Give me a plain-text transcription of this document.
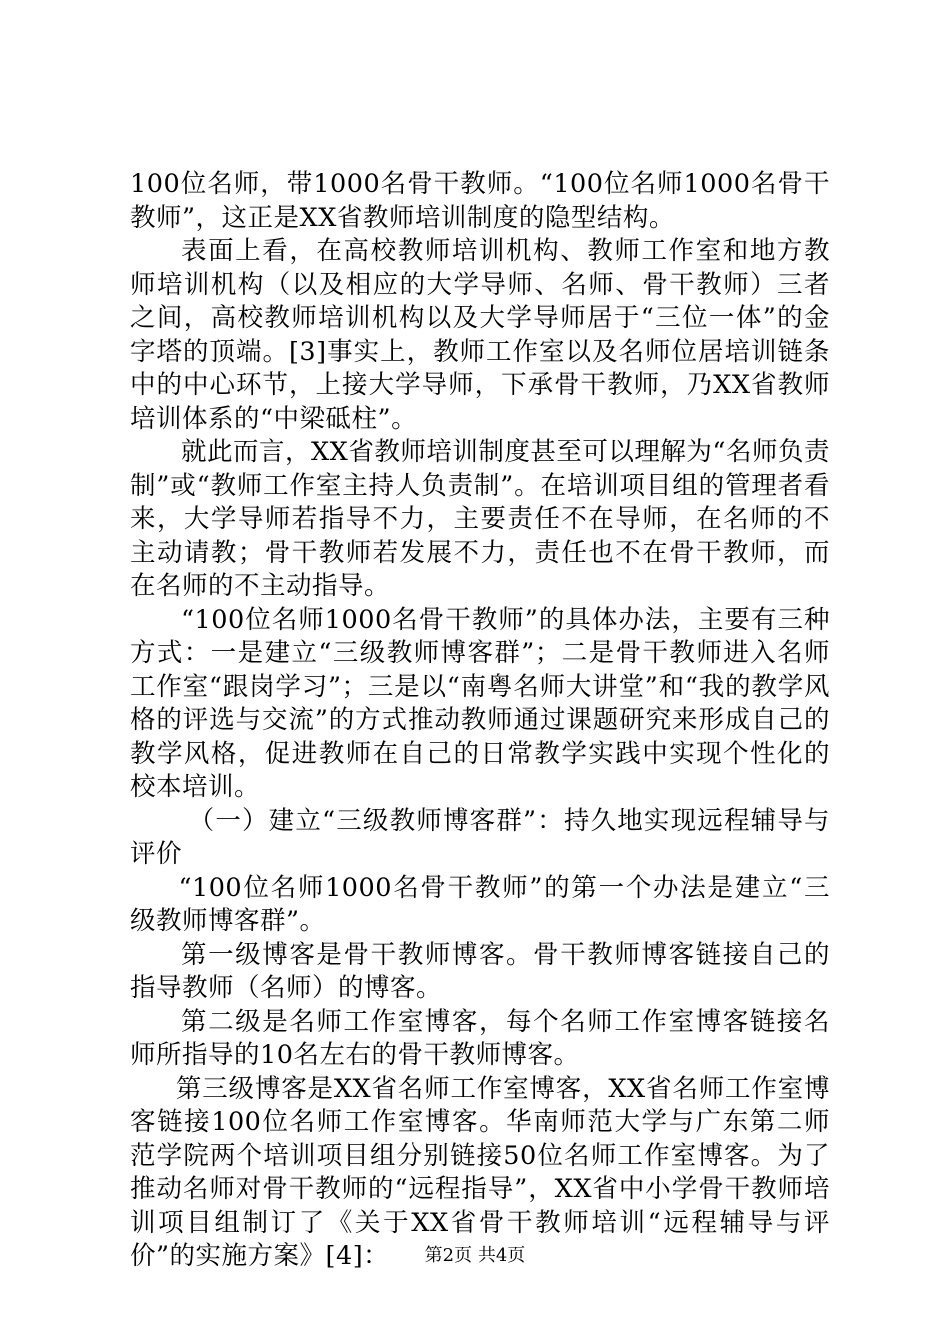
100位名师，带1000名骨干教师。“100位名师1000名骨干教师”，这正是XX省教师培训制度的隐型结构。

表面上看，在高校教师培训机构、教师工作室和地方教师培训机构（以及相应的大学导师、名师、骨干教师）三者之间，高校教师培训机构以及大学导师居于“三位一体”的金字塔的顶端。[3]事实上，教师工作室以及名师位居培训链条中的中心环节，上接大学导师，下承骨干教师，乃XX省教师培训体系的“中梁砥柱”。

就此而言，XX省教师培训制度甚至可以理解为“名师负责制”或“教师工作室主持人负责制”。在培训项目组的管理者看来，大学导师若指导不力，主要责任不在导师，在名师的不主动请教；骨干教师若发展不力，责任也不在骨干教师，而在名师的不主动指导。

“100位名师1000名骨干教师”的具体办法，主要有三种方式：一是建立“三级教师博客群”；二是骨干教师进入名师工作室“跟岗学习”；三是以“南粤名师大讲堂”和“我的教学风格的评选与交流”的方式推动教师通过课题研究来形成自己的教学风格，促进教师在自己的日常教学实践中实现个性化的校本培训。

（一）建立“三级教师博客群”：持久地实现远程辅导与评价

“100位名师1000名骨干教师”的第一个办法是建立“三级教师博客群”。

第一级博客是骨干教师博客。骨干教师博客链接自己的指导教师（名师）的博客。

第二级是名师工作室博客，每个名师工作室博客链接名师所指导的10名左右的骨干教师博客。

第三级博客是XX省名师工作室博客，XX省名师工作室博客链接100位名师工作室博客。华南师范大学与广东第二师范学院两个培训项目组分别链接50位名师工作室博客。为了推动名师对骨干教师的“远程指导”，XX省中小学骨干教师培训项目组制订了《关于XX省骨干教师培训“远程辅导与评价”的实施方案》[4]：	第2页 共4页
